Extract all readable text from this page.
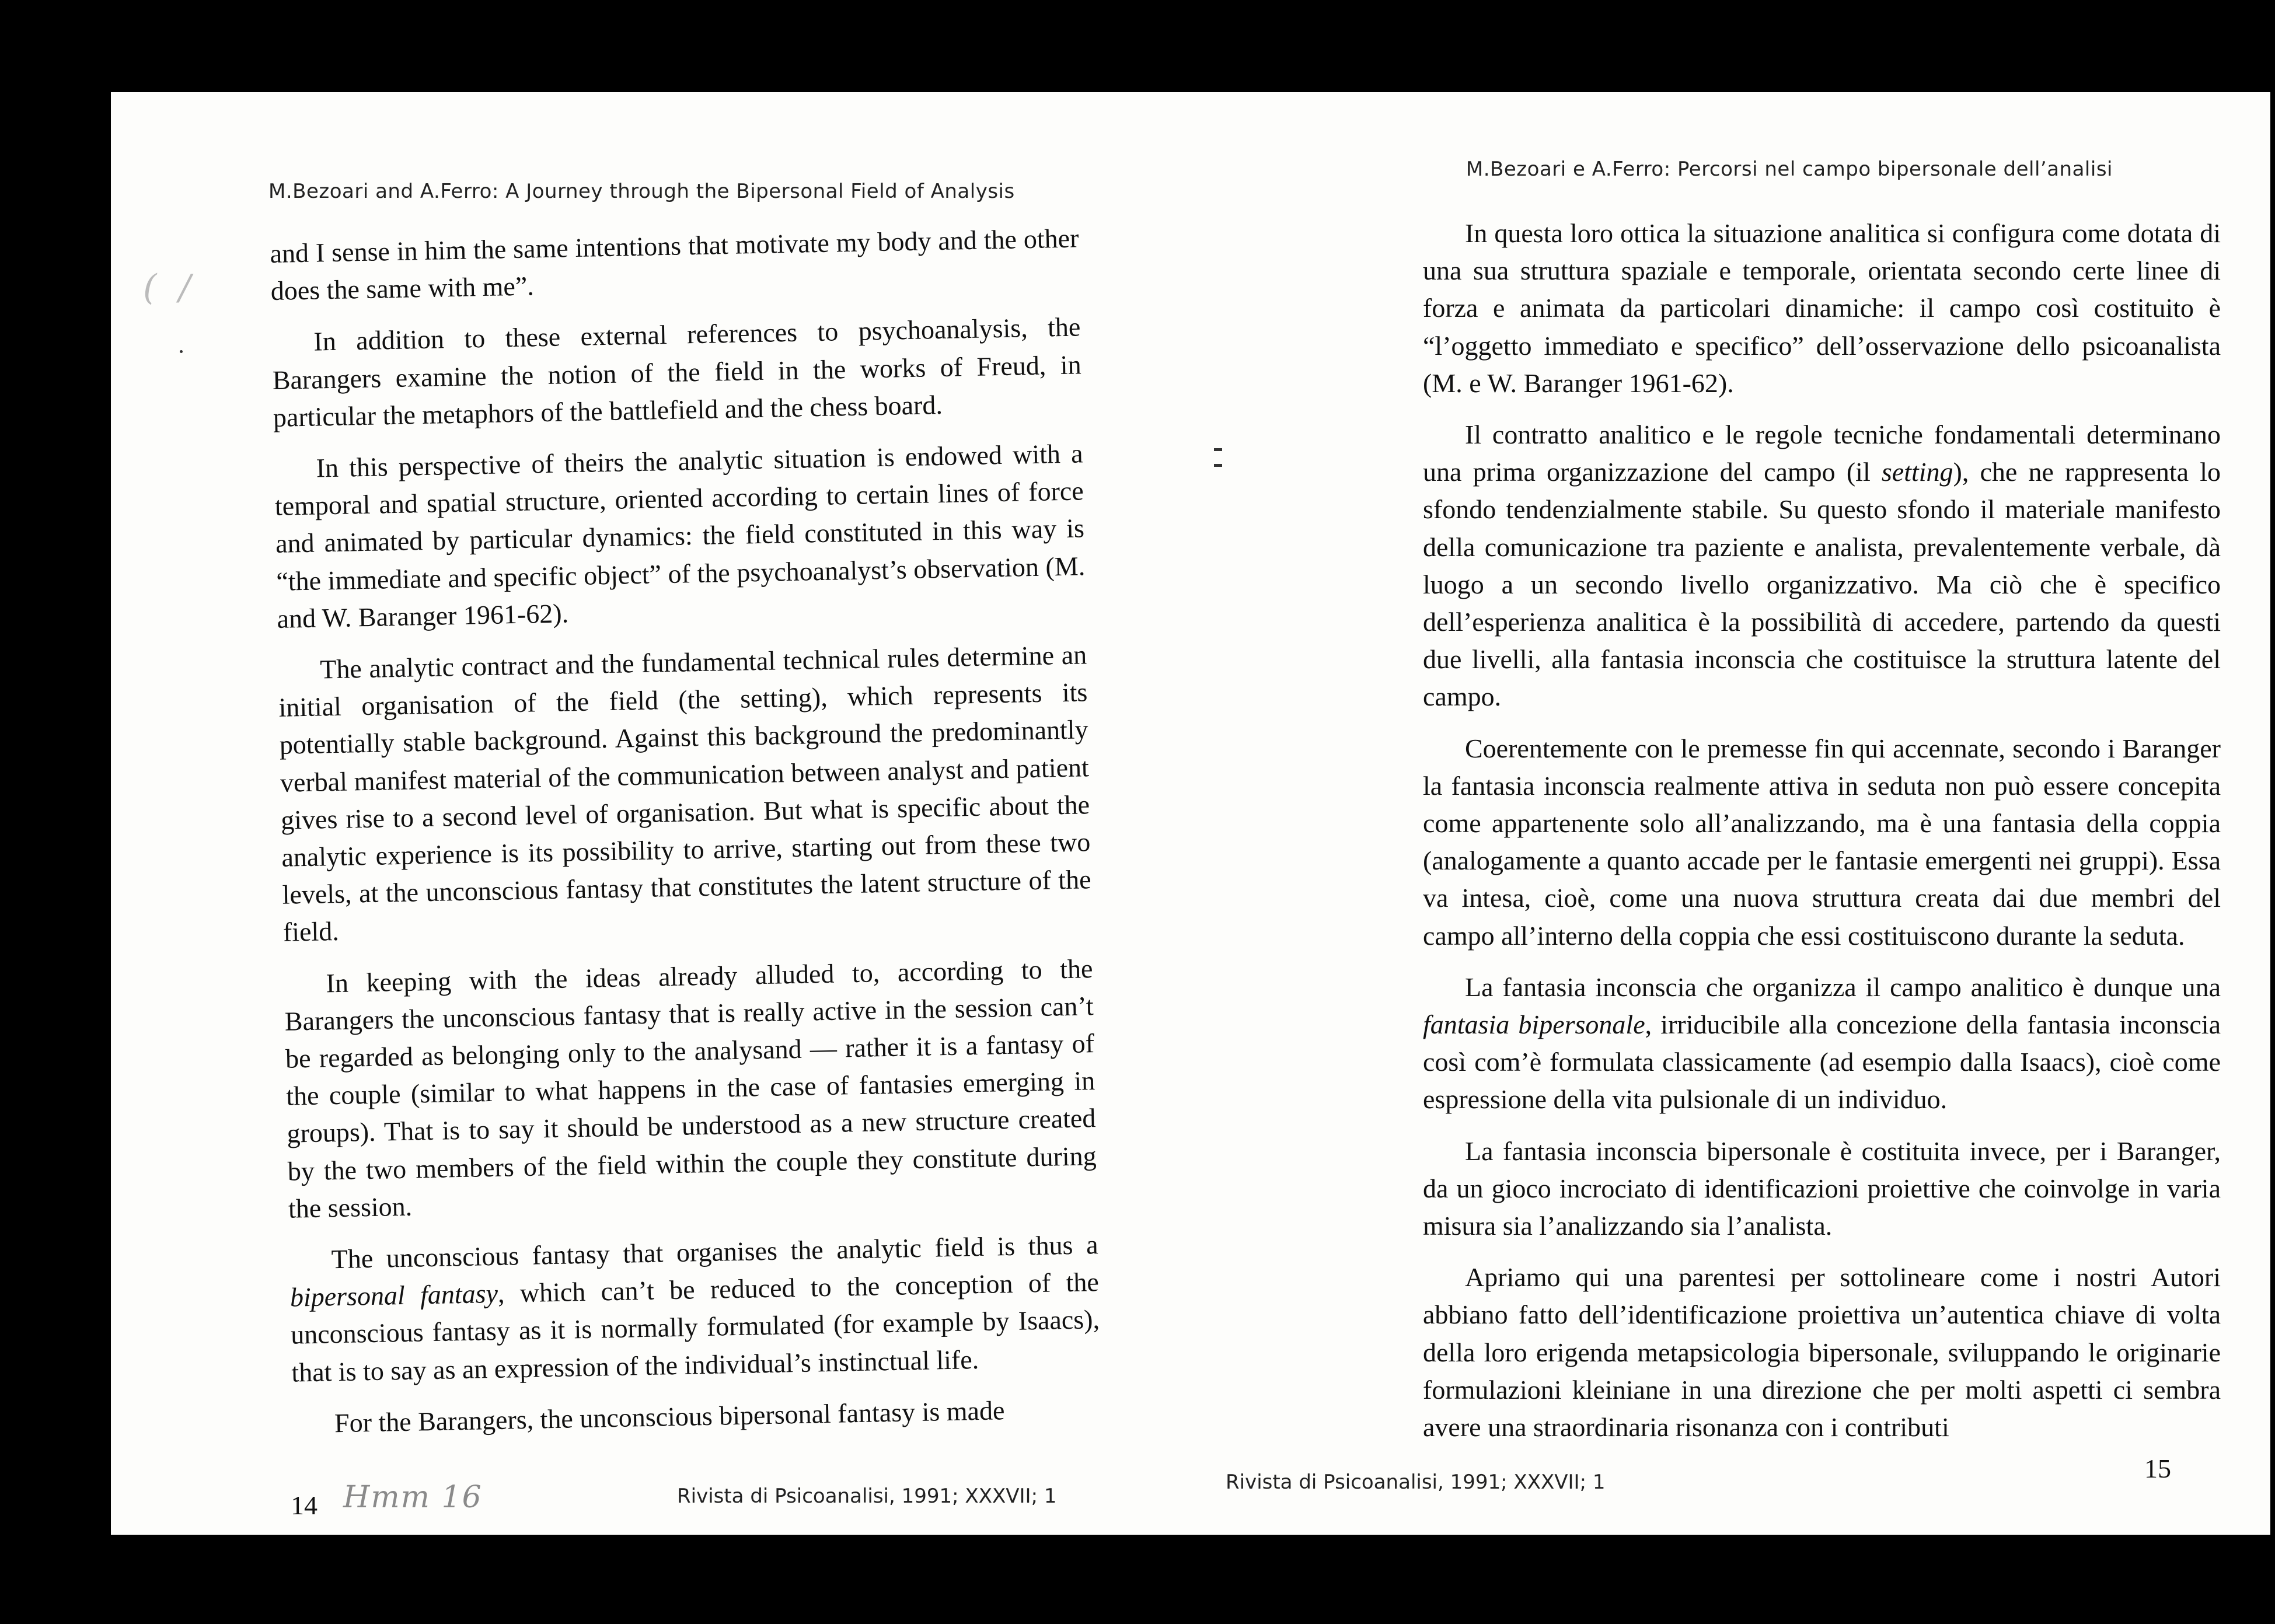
M.Bezoari and A.Ferro: A Journey through the Bipersonal Field of Analysis
(  /

and I sense in him the same intentions that motivate my body and the other does the same with me”.

In addition to these external references to psychoanalysis, the Barangers examine the notion of the field in the works of Freud, in particular the metaphors of the battlefield and the chess board.

In this perspective of theirs the analytic situation is endowed with a temporal and spatial structure, oriented according to certain lines of force and animated by particular dynamics: the field constituted in this way is “the immediate and specific object” of the psychoanalyst’s observation (M. and W. Baranger 1961-62).

The analytic contract and the fundamental technical rules determine an initial organisation of the field (the setting), which represents its potentially stable background. Against this background the predominantly verbal manifest material of the communication between analyst and patient gives rise to a second level of organisation. But what is specific about the analytic experience is its possibility to arrive, starting out from these two levels, at the unconscious fantasy that constitutes the latent structure of the field.

In keeping with the ideas already alluded to, according to the Barangers the unconscious fantasy that is really active in the session can’t be regarded as belonging only to the analysand — rather it is a fantasy of the couple (similar to what happens in the case of fantasies emerging in groups). That is to say it should be understood as a new structure created by the two members of the field within the couple they constitute during the session.

The unconscious fantasy that organises the analytic field is thus a bipersonal fantasy, which can’t be reduced to the conception of the unconscious fantasy as it is normally formulated (for example by Isaacs), that is to say as an expression of the individual’s instinctual life.

For the Barangers, the unconscious bipersonal fantasy is made

14 Hmm 16	Rivista di Psicoanalisi, 1991; XXXVII; 1
M.Bezoari e A.Ferro: Percorsi nel campo bipersonale dell’analisi

In questa loro ottica la situazione analitica si configura come dotata di una sua struttura spaziale e temporale, orientata secondo certe linee di forza e animata da particolari dinamiche: il campo così costituito è “l’oggetto immediato e specifico” dell’osservazione dello psicoanalista (M. e W. Baranger 1961-62).

Il contratto analitico e le regole tecniche fondamentali determinano una prima organizzazione del campo (il setting), che ne rappresenta lo sfondo tendenzialmente stabile. Su questo sfondo il materiale manifesto della comunicazione tra paziente e analista, prevalentemente verbale, dà luogo a un secondo livello organizzativo. Ma ciò che è specifico dell’esperienza analitica è la possibilità di accedere, partendo da questi due livelli, alla fantasia inconscia che costituisce la struttura latente del campo.

Coerentemente con le premesse fin qui accennate, secondo i Baranger la fantasia inconscia realmente attiva in seduta non può essere concepita come appartenente solo all’analizzando, ma è una fantasia della coppia (analogamente a quanto accade per le fantasie emergenti nei gruppi). Essa va intesa, cioè, come una nuova struttura creata dai due membri del campo all’interno della coppia che essi costituiscono durante la seduta.

La fantasia inconscia che organizza il campo analitico è dunque una fantasia bipersonale, irriducibile alla concezione della fantasia inconscia così com’è formulata classicamente (ad esempio dalla Isaacs), cioè come espressione della vita pulsionale di un individuo.

La fantasia inconscia bipersonale è costituita invece, per i Baranger, da un gioco incrociato di identificazioni proiettive che coinvolge in varia misura sia l’analizzando sia l’analista.

Apriamo qui una parentesi per sottolineare come i nostri Autori abbiano fatto dell’identificazione proiettiva un’autentica chiave di volta della loro erigenda metapsicologia bipersonale, sviluppando le originarie formulazioni kleiniane in una direzione che per molti aspetti ci sembra avere una straordinaria risonanza con i contributi

Rivista di Psicoanalisi, 1991; XXXVII; 1	15
